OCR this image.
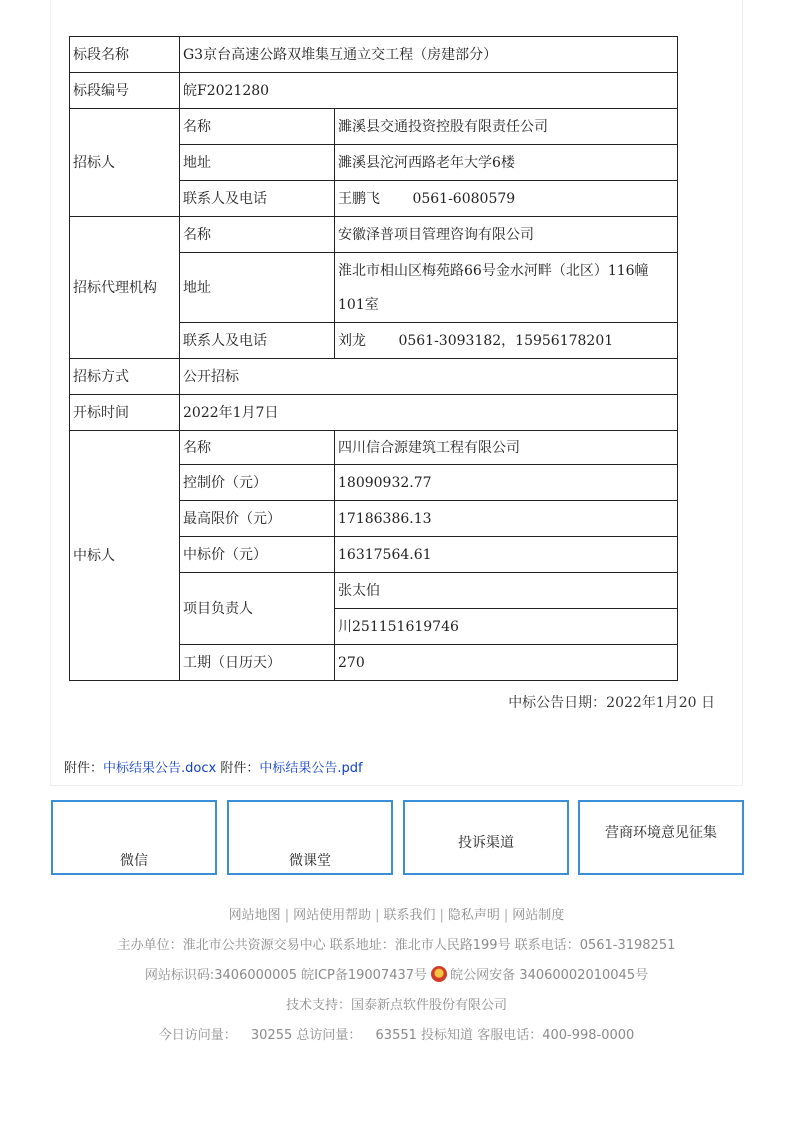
标段名称	G3京台高速公路双堆集互通立交工程（房建部分）	
标段编号	皖F2021280	
招标人	名称	濉溪县交通投资控股有限责任公司
	地址	濉溪县沱河西路老年大学6楼
	联系人及电话	王鹏飞　　 0561-6080579
招标代理机构	名称	安徽泽普项目管理咨询有限公司
	地址	淮北市相山区梅苑路66号金水河畔（北区）116幢
101室

	联系人及电话	刘龙　　 0561-3093182，15956178201
招标方式	公开招标	
开标时间	2022年1月7日	
中标人	名称	四川信合源建筑工程有限公司
	控制价（元）	18090932.77
	最高限价（元）	17186386.13
	中标价（元）	16317564.61
	项目负责人	张太伯
		川251151619746
	工期（日历天）	270
中标公告日期：2022年1月20 日
附件：中标结果公告.docx 附件：中标结果公告.pdf
微信	微课堂
投诉渠道
营商环境意见征集
网站地图 | 网站使用帮助 | 联系我们 | 隐私声明 | 网站制度
主办单位：淮北市公共资源交易中心 联系地址：淮北市人民路199号 联系电话：0561-3198251
网站标识码:3406000005 皖ICP备19007437号 皖公网安备 34060002010045号
技术支持：国泰新点软件股份有限公司
今日访问量： 30255 总访问量： 63551 投标知道 客服电话：400-998-0000
